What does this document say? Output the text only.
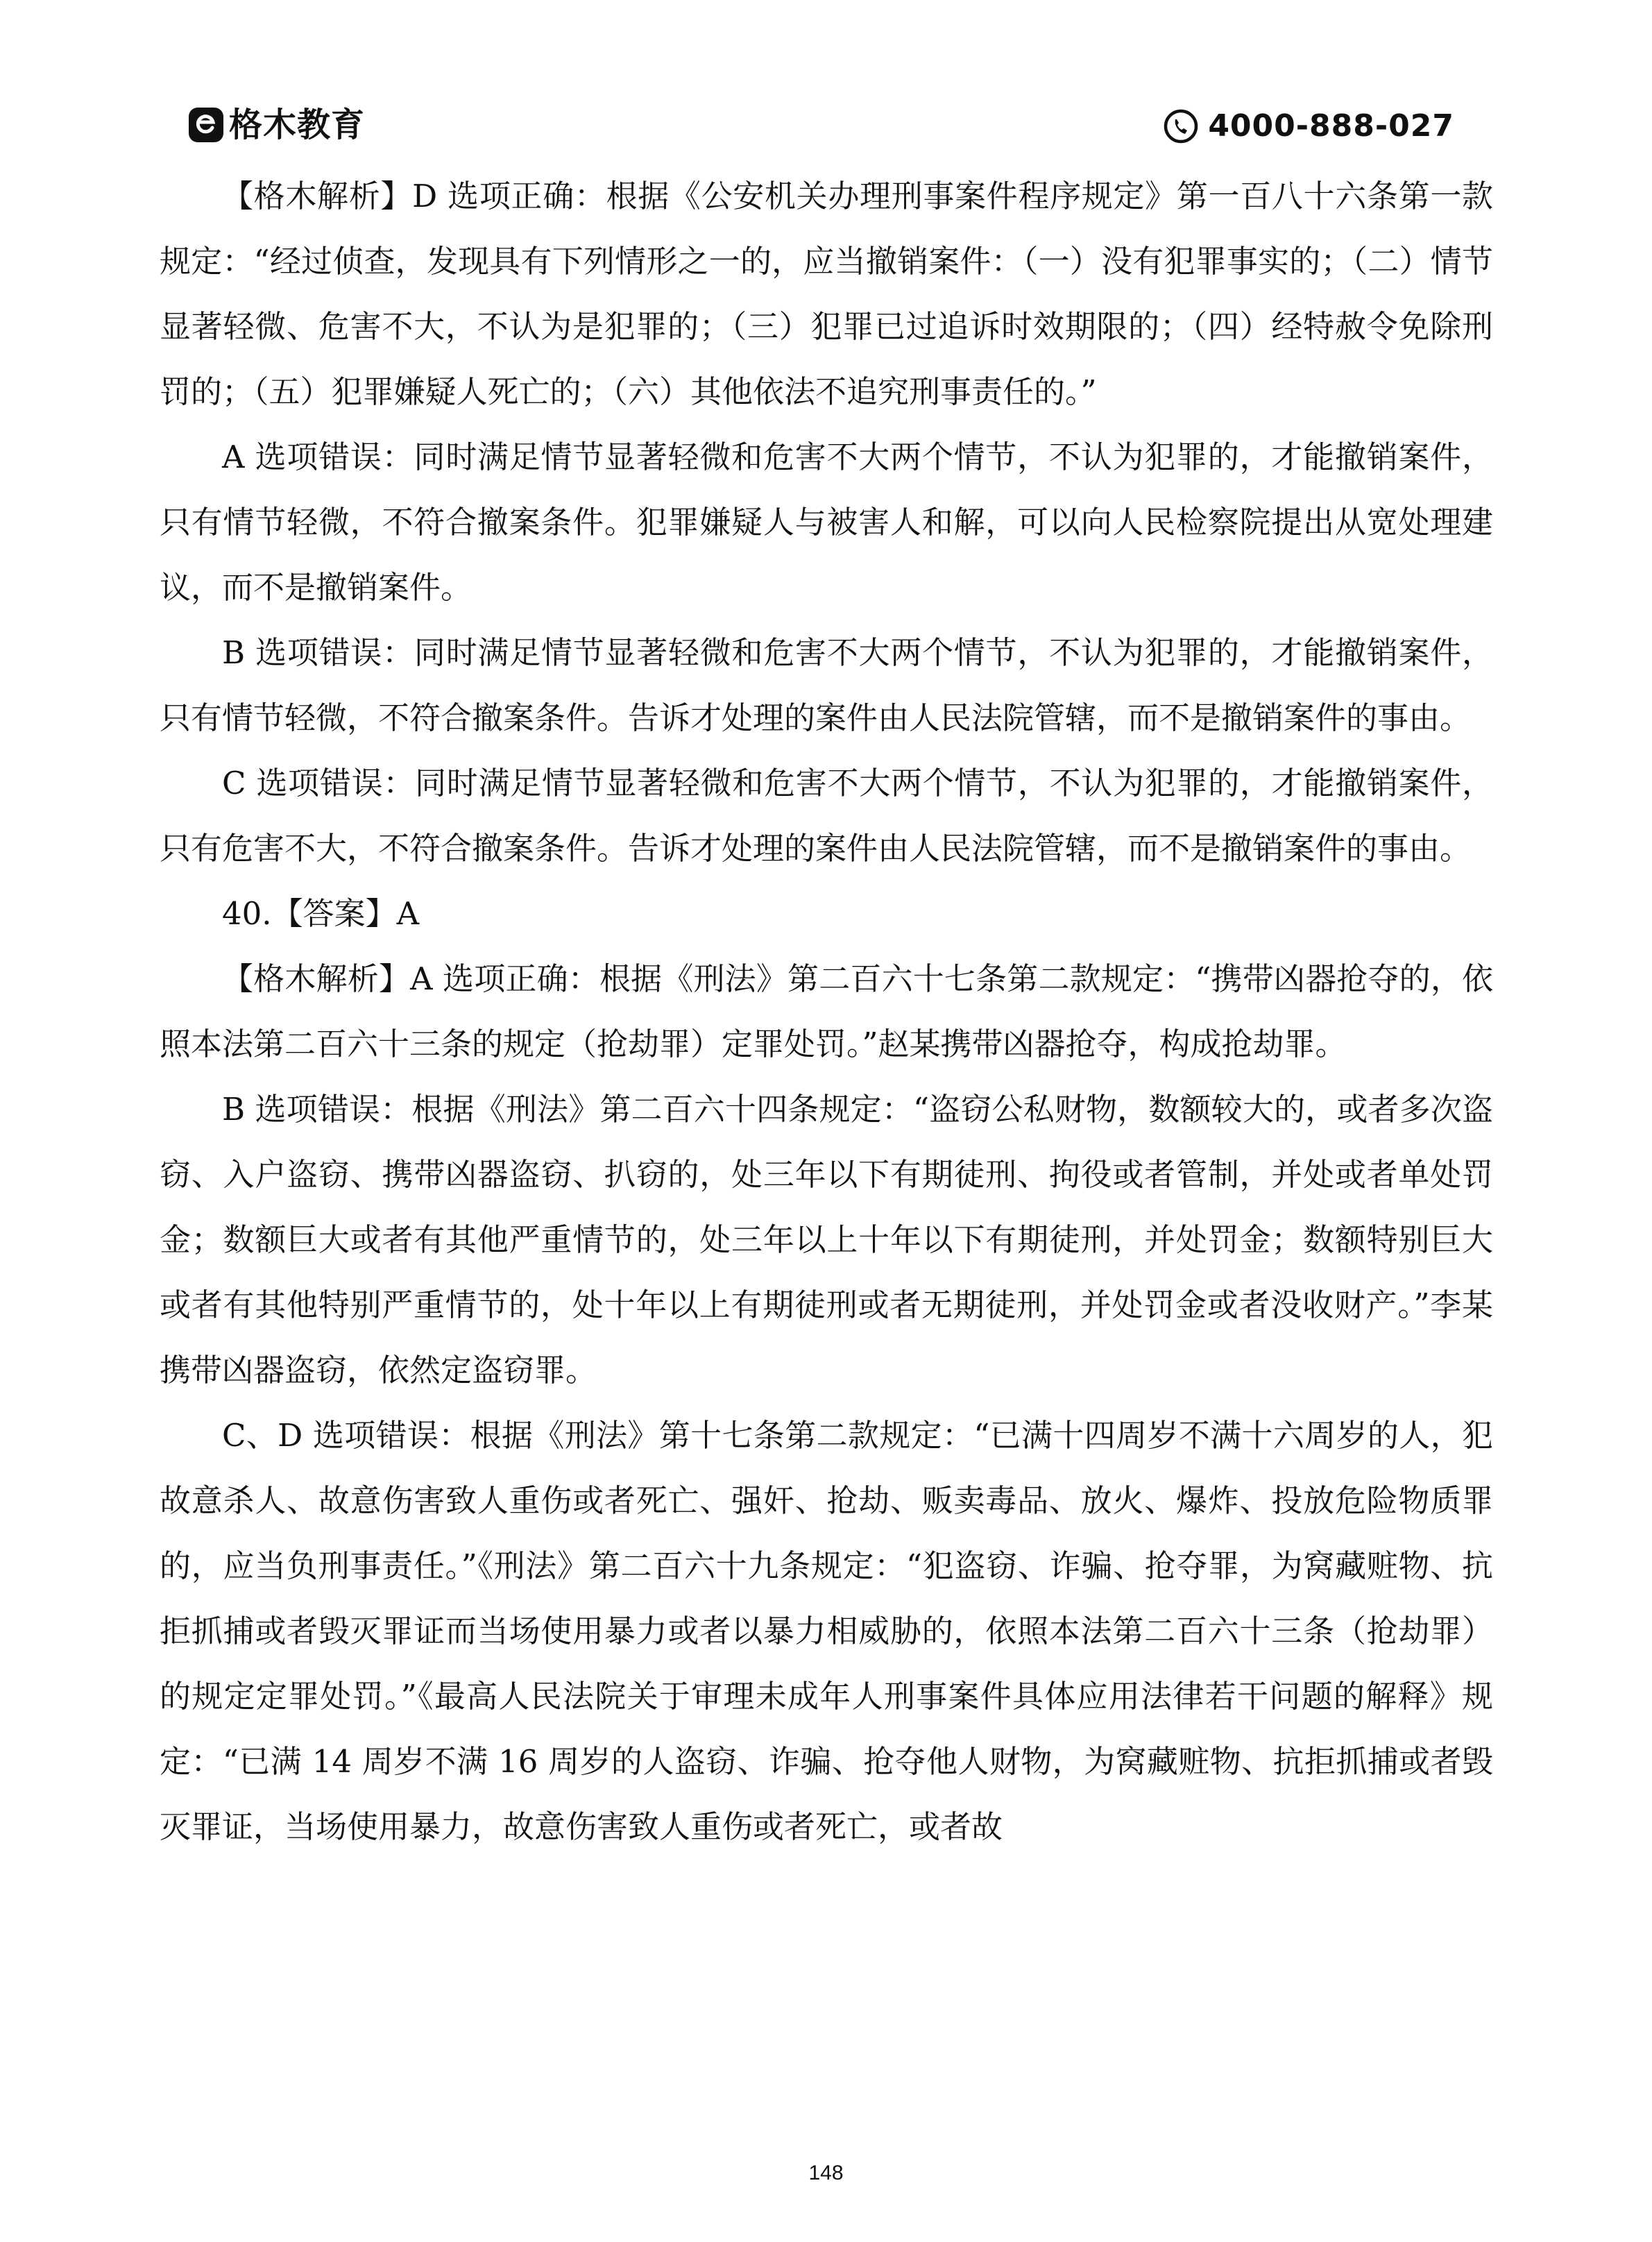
格木教育	4000-888-027

【格木解析】D 选项正确：根据《公安机关办理刑事案件程序规定》第一百八十六条第一款规定：“经过侦查，发现具有下列情形之一的，应当撤销案件：（一）没有犯罪事实的；（二）情节显著轻微、危害不大，不认为是犯罪的；（三）犯罪已过追诉时效期限的；（四）经特赦令免除刑罚的；（五）犯罪嫌疑人死亡的；（六）其他依法不追究刑事责任的。”

A 选项错误：同时满足情节显著轻微和危害不大两个情节，不认为犯罪的，才能撤销案件，只有情节轻微，不符合撤案条件。犯罪嫌疑人与被害人和解，可以向人民检察院提出从宽处理建议，而不是撤销案件。

B 选项错误：同时满足情节显著轻微和危害不大两个情节，不认为犯罪的，才能撤销案件，只有情节轻微，不符合撤案条件。告诉才处理的案件由人民法院管辖，而不是撤销案件的事由。

C 选项错误：同时满足情节显著轻微和危害不大两个情节，不认为犯罪的，才能撤销案件，只有危害不大，不符合撤案条件。告诉才处理的案件由人民法院管辖，而不是撤销案件的事由。

40.【答案】A

【格木解析】A 选项正确：根据《刑法》第二百六十七条第二款规定：“携带凶器抢夺的，依照本法第二百六十三条的规定（抢劫罪）定罪处罚。”赵某携带凶器抢夺，构成抢劫罪。

B 选项错误：根据《刑法》第二百六十四条规定：“盗窃公私财物，数额较大的，或者多次盗窃、入户盗窃、携带凶器盗窃、扒窃的，处三年以下有期徒刑、拘役或者管制，并处或者单处罚金；数额巨大或者有其他严重情节的，处三年以上十年以下有期徒刑，并处罚金；数额特别巨大或者有其他特别严重情节的，处十年以上有期徒刑或者无期徒刑，并处罚金或者没收财产。”李某携带凶器盗窃，依然定盗窃罪。

C、D 选项错误：根据《刑法》第十七条第二款规定：“已满十四周岁不满十六周岁的人，犯故意杀人、故意伤害致人重伤或者死亡、强奸、抢劫、贩卖毒品、放火、爆炸、投放危险物质罪的，应当负刑事责任。”《刑法》第二百六十九条规定：“犯盗窃、诈骗、抢夺罪，为窝藏赃物、抗拒抓捕或者毁灭罪证而当场使用暴力或者以暴力相威胁的，依照本法第二百六十三条（抢劫罪）的规定定罪处罚。”《最高人民法院关于审理未成年人刑事案件具体应用法律若干问题的解释》规定：“已满 14 周岁不满 16 周岁的人盗窃、诈骗、抢夺他人财物，为窝藏赃物、抗拒抓捕或者毁灭罪证，当场使用暴力，故意伤害致人重伤或者死亡，或者故

148
